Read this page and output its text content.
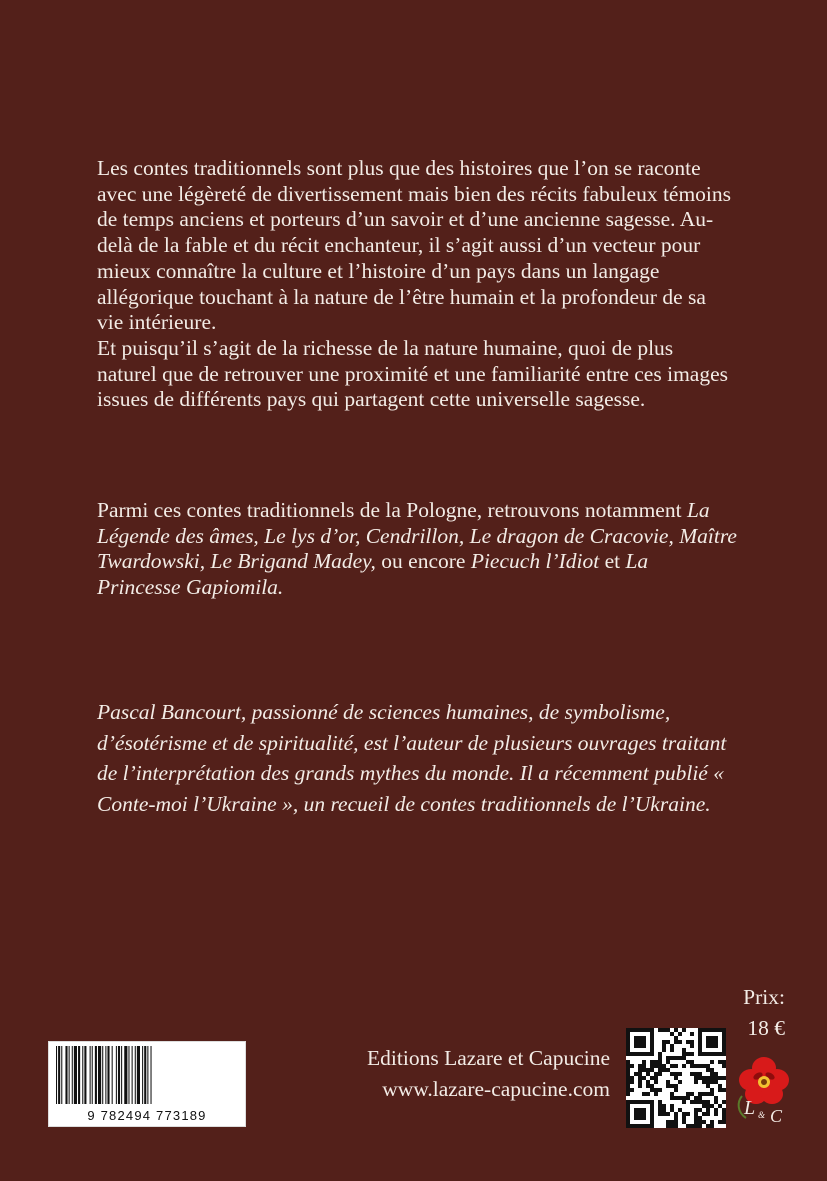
Les contes traditionnels sont plus que des histoires que l’on se raconte avec une légèreté de divertissement mais bien des récits fabuleux témoins de temps anciens et porteurs d’un savoir et d’une ancienne sagesse. Au-delà de la fable et du récit enchanteur, il s’agit aussi d’un vecteur pour mieux connaître la culture et l’histoire d’un pays dans un langage allégorique touchant à la nature de l’être humain et la profondeur de sa vie intérieure.

Et puisqu’il s’agit de la richesse de la nature humaine, quoi de plus naturel que de retrouver une proximité et une familiarité entre ces images issues de différents pays qui partagent cette universelle sagesse.

Parmi ces contes traditionnels de la Pologne, retrouvons notamment La Légende des âmes, Le lys d’or, Cendrillon, Le dragon de Cracovie, Maître Twardowski, Le Brigand Madey, ou encore Piecuch l’Idiot et La Princesse Gapiomila.

Pascal Bancourt, passionné de sciences humaines, de symbolisme, d’ésotérisme et de spiritualité, est l’auteur de plusieurs ouvrages traitant de l’interprétation des grands mythes du monde. Il a récemment publié « Conte-moi l’Ukraine », un recueil de contes traditionnels de l’Ukraine.

Prix:
18 €
9 782494 773189
Editions Lazare et Capucine
www.lazare-capucine.com
L & C
